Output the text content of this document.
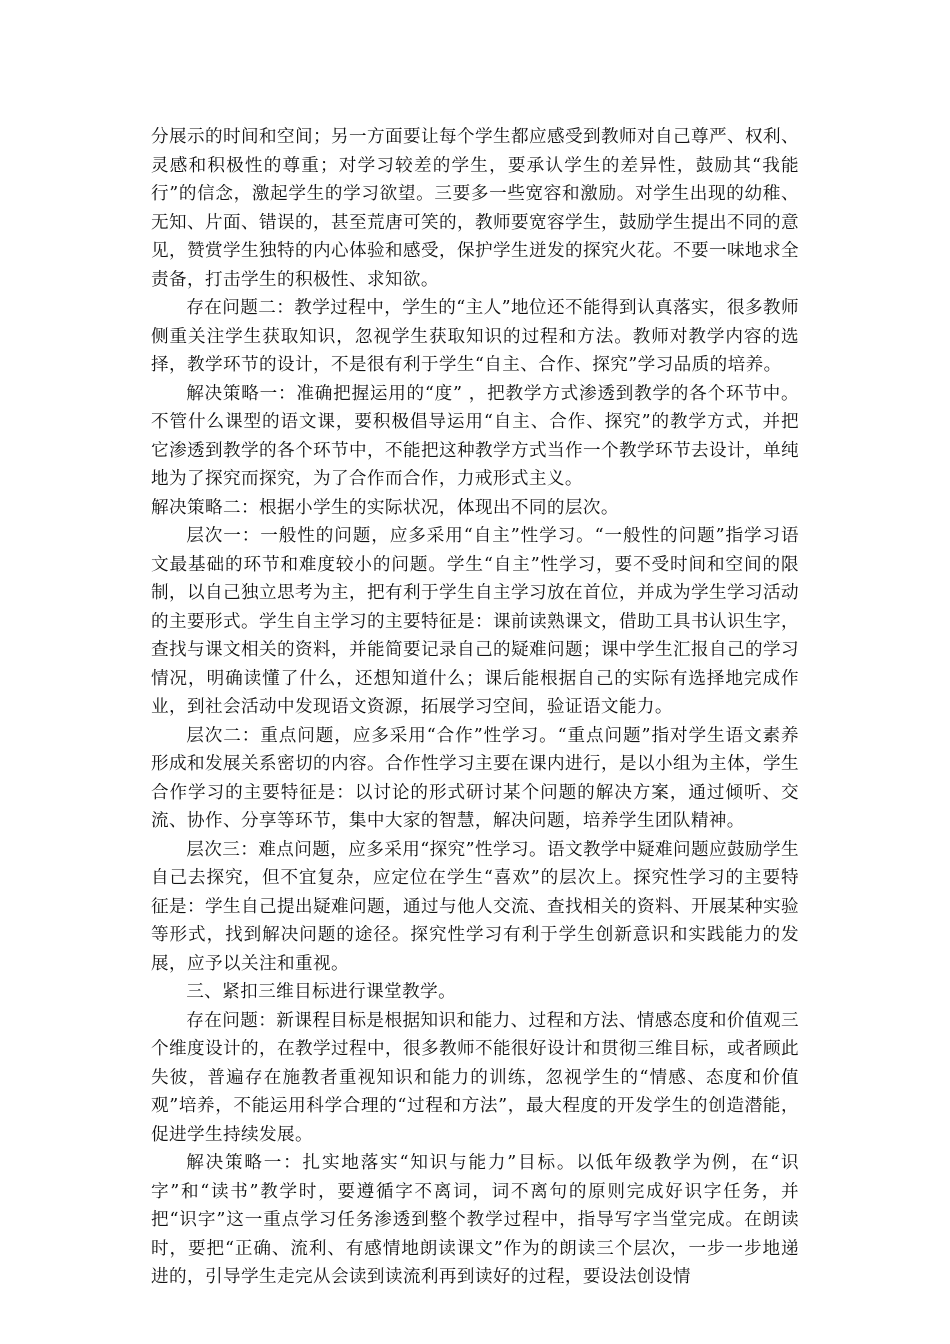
分展示的时间和空间；另一方面要让每个学生都应感受到教师对自己尊严、权利、灵感和积极性的尊重；对学习较差的学生，要承认学生的差异性，鼓励其“我能行”的信念，激起学生的学习欲望。三要多一些宽容和激励。对学生出现的幼稚、无知、片面、错误的，甚至荒唐可笑的，教师要宽容学生，鼓励学生提出不同的意见，赞赏学生独特的内心体验和感受，保护学生迸发的探究火花。不要一味地求全责备，打击学生的积极性、求知欲。

存在问题二：教学过程中，学生的“主人”地位还不能得到认真落实，很多教师侧重关注学生获取知识，忽视学生获取知识的过程和方法。教师对教学内容的选择，教学环节的设计，不是很有利于学生“自主、合作、探究”学习品质的培养。

解决策略一：准确把握运用的“度” ，把教学方式渗透到教学的各个环节中。不管什么课型的语文课，要积极倡导运用“自主、合作、探究”的教学方式，并把它渗透到教学的各个环节中，不能把这种教学方式当作一个教学环节去设计，单纯地为了探究而探究，为了合作而合作，力戒形式主义。

解决策略二：根据小学生的实际状况，体现出不同的层次。

层次一：一般性的问题，应多采用“自主”性学习。“一般性的问题”指学习语文最基础的环节和难度较小的问题。学生“自主”性学习，要不受时间和空间的限制，以自己独立思考为主，把有利于学生自主学习放在首位，并成为学生学习活动的主要形式。学生自主学习的主要特征是：课前读熟课文，借助工具书认识生字，查找与课文相关的资料，并能简要记录自己的疑难问题；课中学生汇报自己的学习情况，明确读懂了什么，还想知道什么；课后能根据自己的实际有选择地完成作业，到社会活动中发现语文资源，拓展学习空间，验证语文能力。

层次二：重点问题，应多采用“合作”性学习。“重点问题”指对学生语文素养形成和发展关系密切的内容。合作性学习主要在课内进行，是以小组为主体，学生合作学习的主要特征是：以讨论的形式研讨某个问题的解决方案，通过倾听、交流、协作、分享等环节，集中大家的智慧，解决问题，培养学生团队精神。

层次三：难点问题，应多采用“探究”性学习。语文教学中疑难问题应鼓励学生自己去探究，但不宜复杂，应定位在学生“喜欢”的层次上。探究性学习的主要特征是：学生自己提出疑难问题，通过与他人交流、查找相关的资料、开展某种实验等形式，找到解决问题的途径。探究性学习有利于学生创新意识和实践能力的发展，应予以关注和重视。

三、紧扣三维目标进行课堂教学。

存在问题：新课程目标是根据知识和能力、过程和方法、情感态度和价值观三个维度设计的，在教学过程中，很多教师不能很好设计和贯彻三维目标，或者顾此失彼，普遍存在施教者重视知识和能力的训练，忽视学生的“情感、态度和价值观”培养，不能运用科学合理的“过程和方法”，最大程度的开发学生的创造潜能，促进学生持续发展。

解决策略一：扎实地落实“知识与能力”目标。以低年级教学为例，在“识字”和“读书”教学时，要遵循字不离词，词不离句的原则完成好识字任务，并把“识字”这一重点学习任务渗透到整个教学过程中，指导写字当堂完成。在朗读时，要把“正确、流利、有感情地朗读课文”作为的朗读三个层次，一步一步地递进的，引导学生走完从会读到读流利再到读好的过程，要设法创设情
